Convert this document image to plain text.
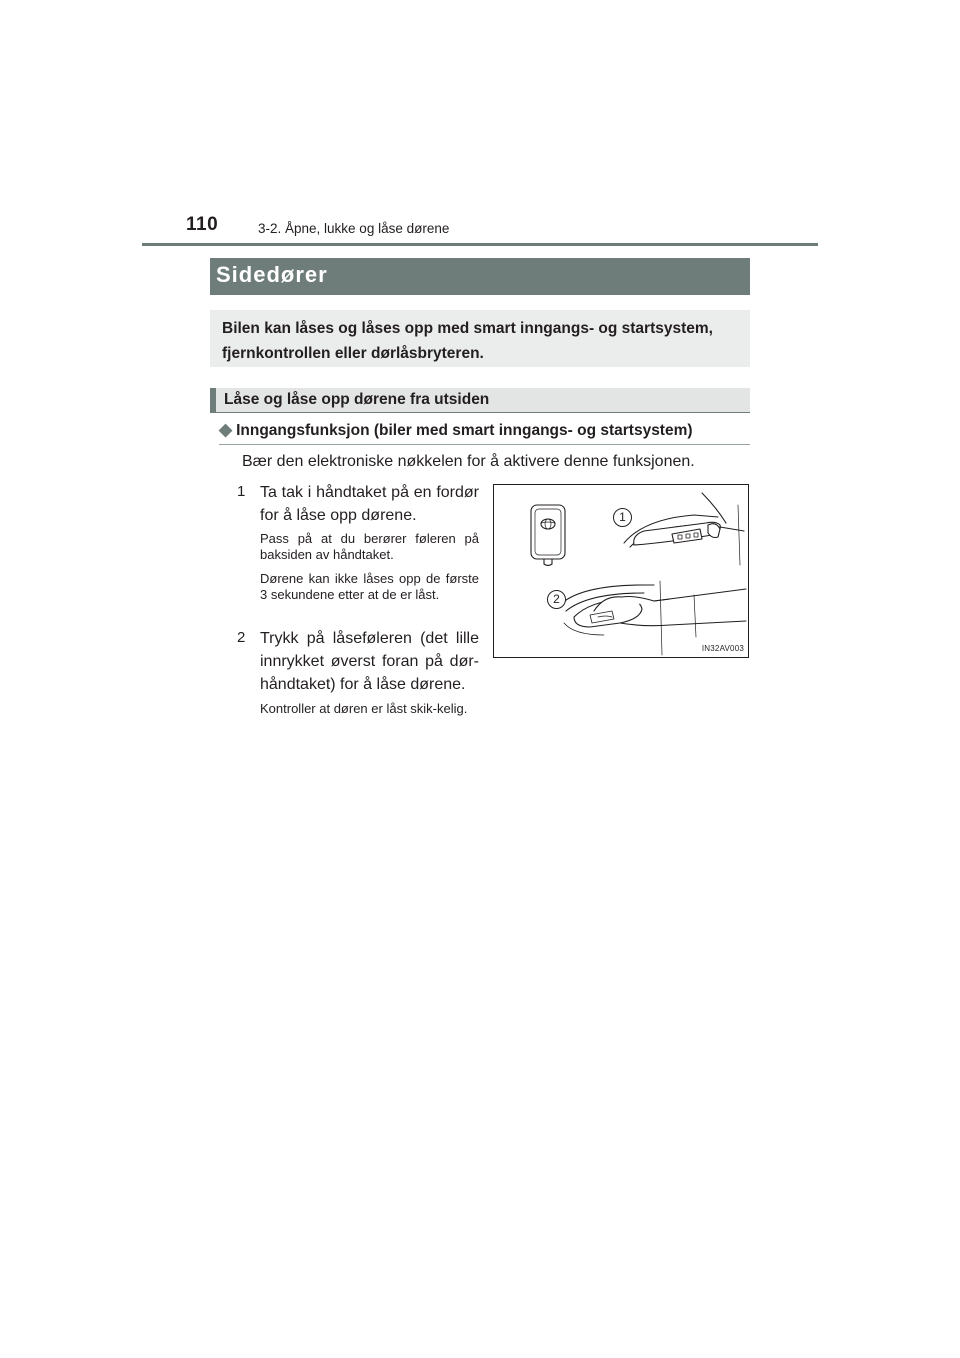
110	3-2. Åpne, lukke og låse dørene
Sidedører
Bilen kan låses og låses opp med smart inngangs- og startsystem, fjernkontrollen eller dørlåsbryteren.
Låse og låse opp dørene fra utsiden
◆ Inngangsfunksjon (biler med smart inngangs- og startsystem)
Bær den elektroniske nøkkelen for å aktivere denne funksjonen.
1 Ta tak i håndtaket på en fordør for å låse opp dørene.
Pass på at du berører føleren på baksiden av håndtaket.
Dørene kan ikke låses opp de første 3 sekundene etter at de er låst.
2 Trykk på låseføleren (det lille innrykket øverst foran på dør-håndtaket) for å låse dørene.
Kontroller at døren er låst skik-kelig.
1
2
IN32AV003
